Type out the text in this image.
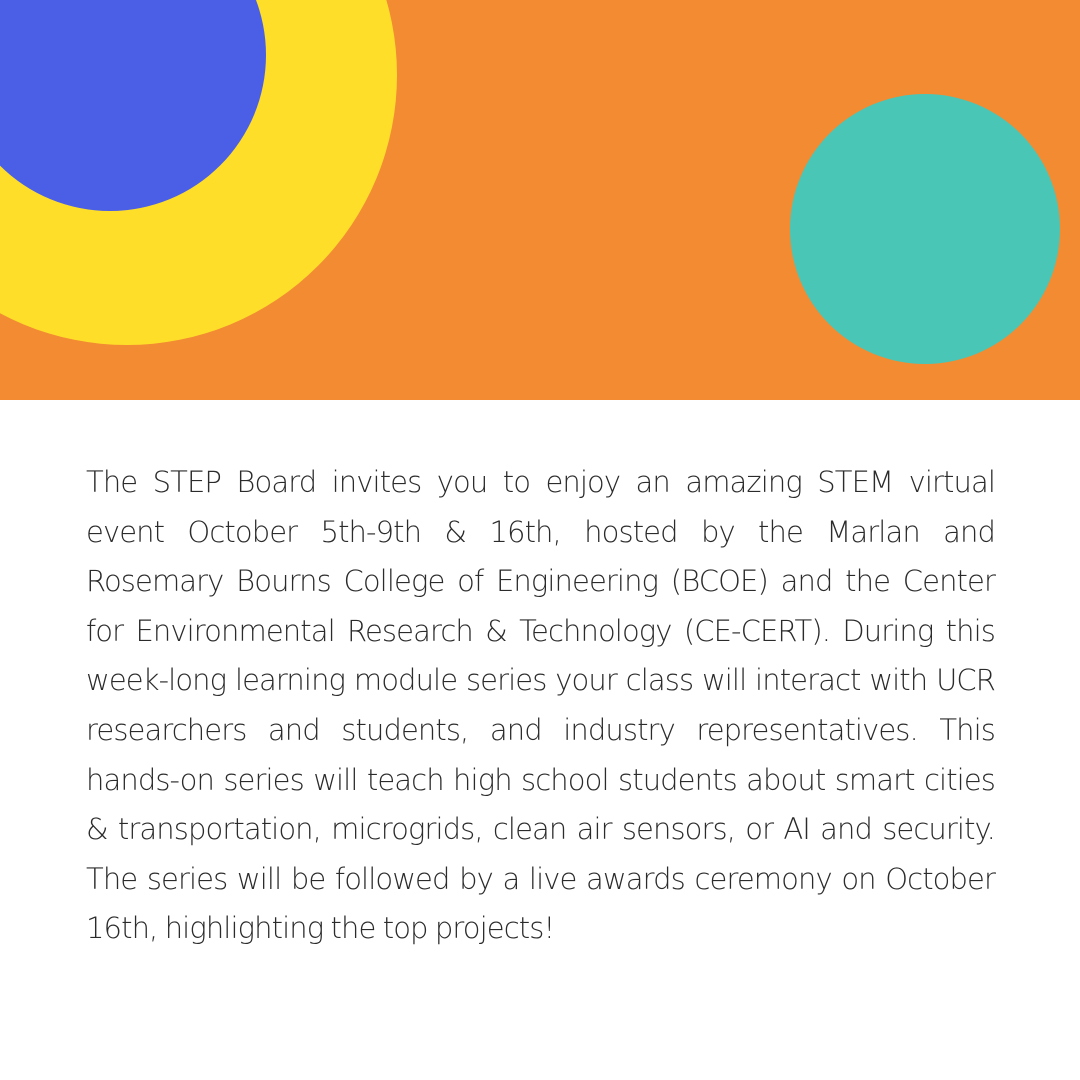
The STEP Board invites you to enjoy an amazing STEM virtual event October 5th-9th & 16th, hosted by the Marlan and Rosemary Bourns College of Engineering (BCOE) and the Center for Environmental Research & Technology (CE-CERT). During this week-long learning module series your class will interact with UCR researchers and students, and industry representatives. This hands-on series will teach high school students about smart cities & transportation, microgrids, clean air sensors, or AI and security. The series will be followed by a live awards ceremony on October 16th, highlighting the top projects!
